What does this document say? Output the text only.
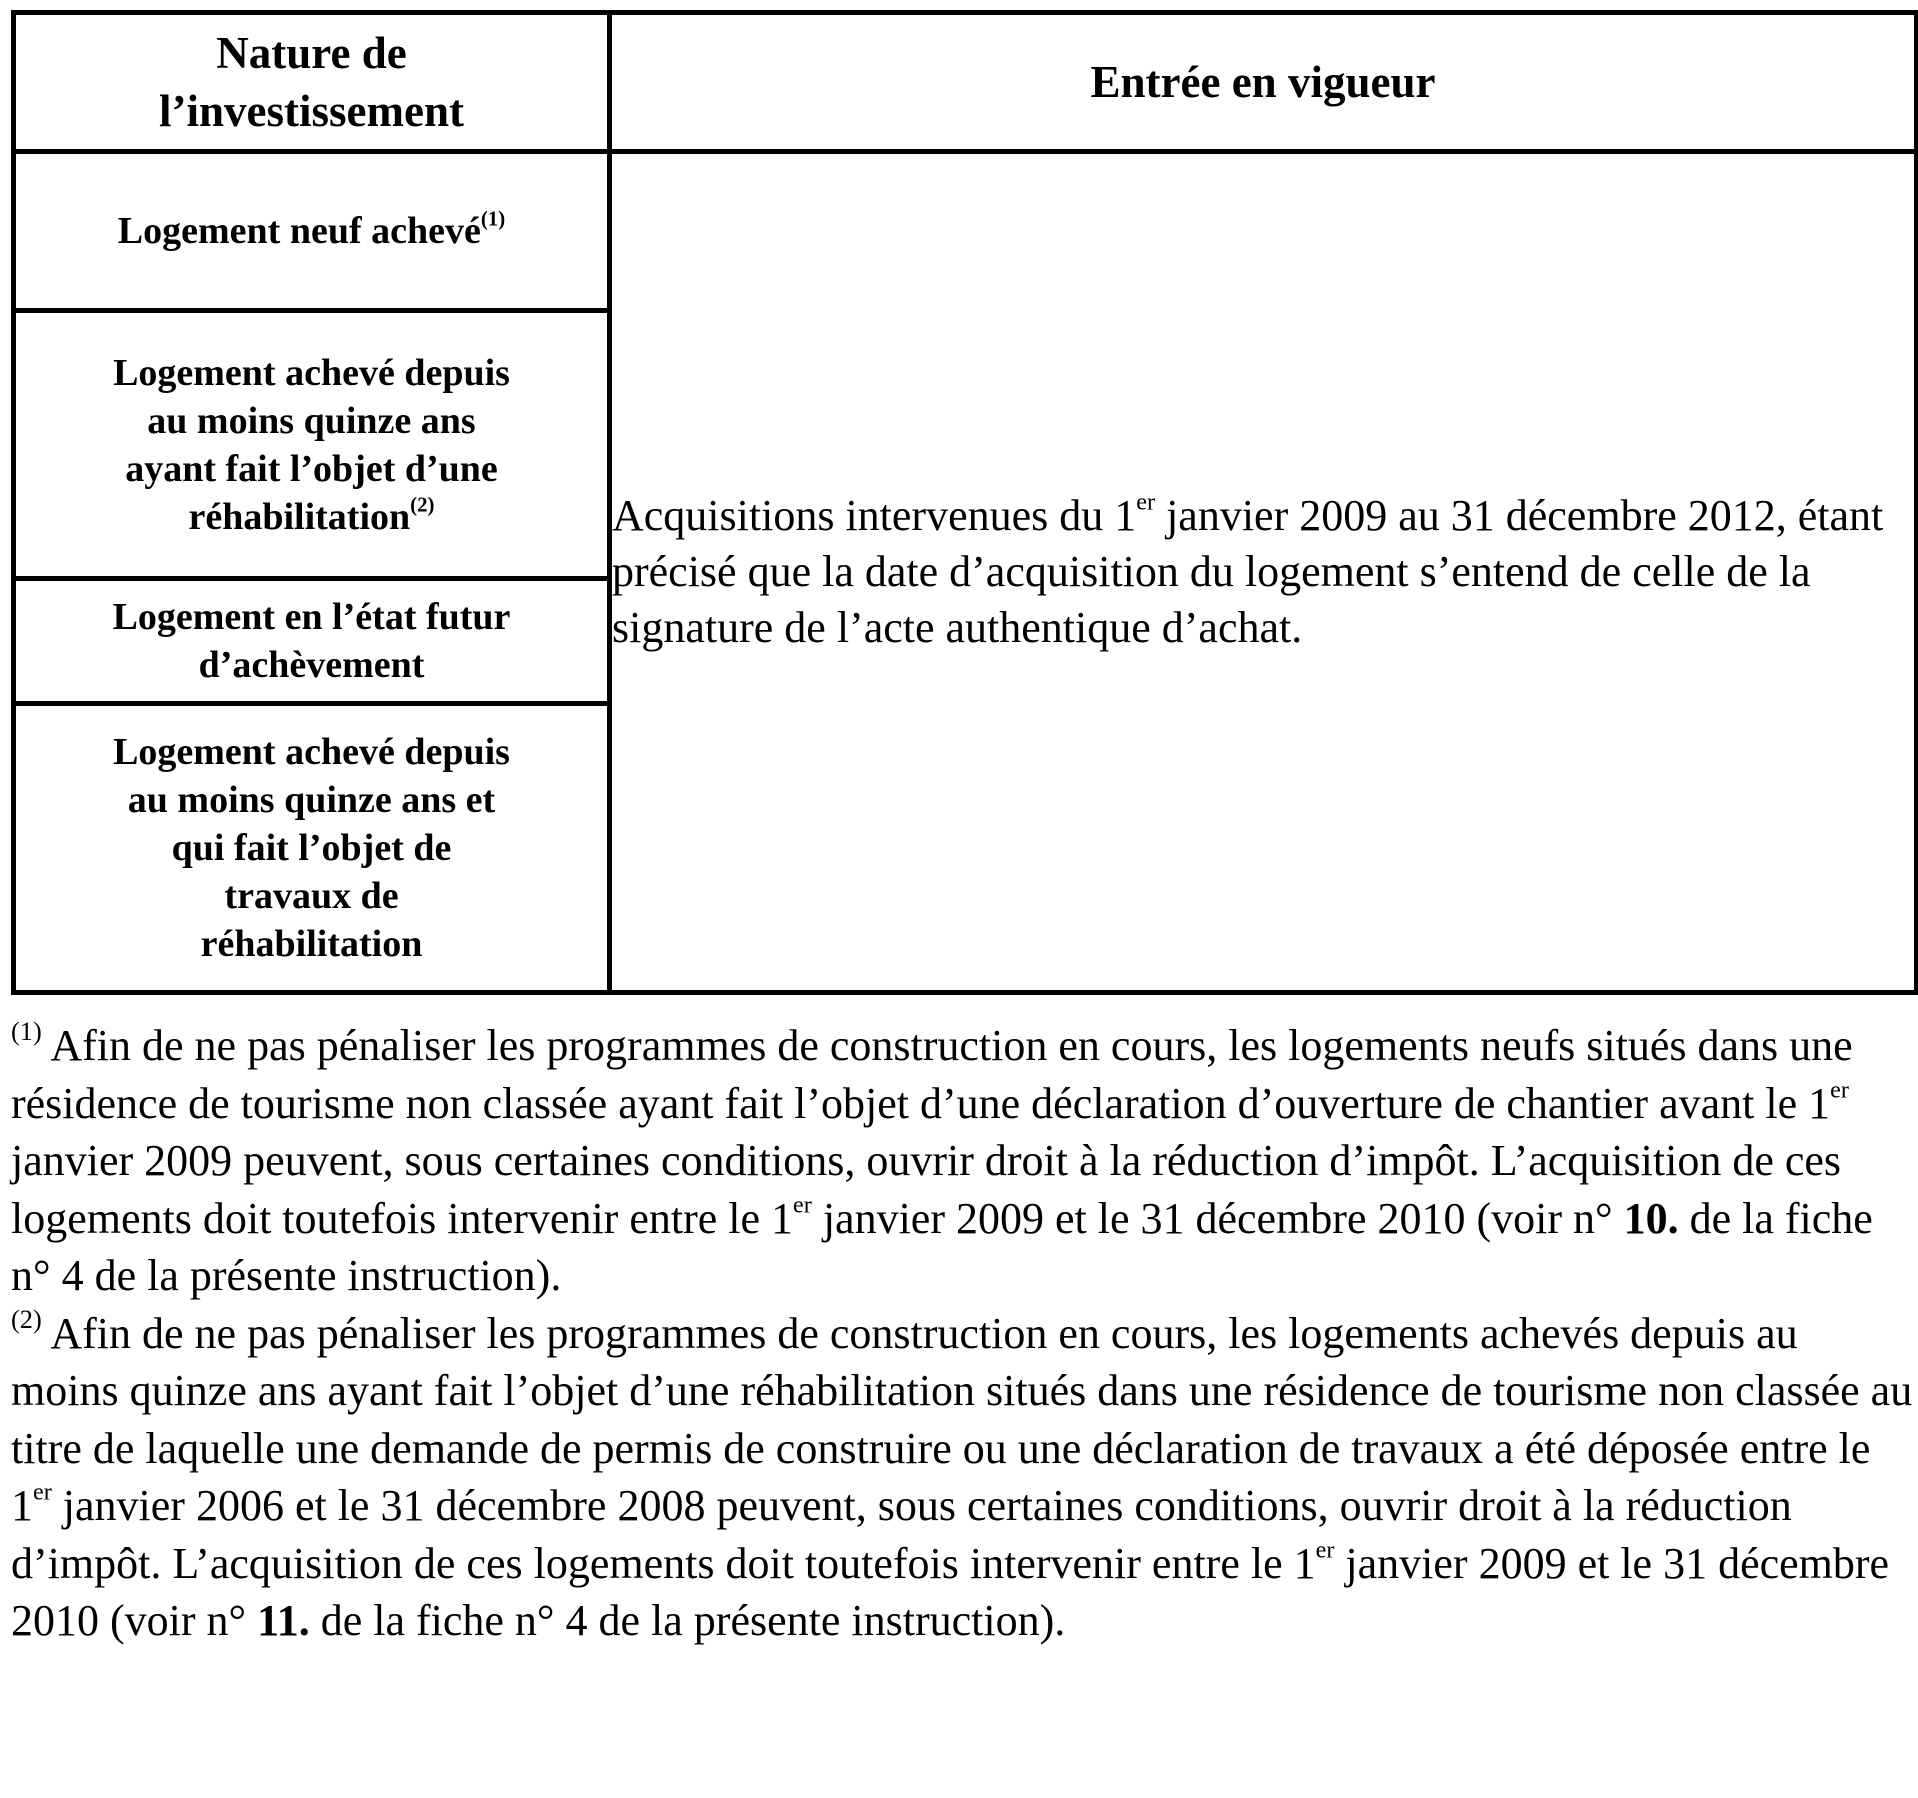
Nature de
l’investissement	Entrée en vigueur
Logement neuf achevé$^{(1)}$	Acquisitions intervenues du 1er janvier 2009 au 31 décembre 2012, étant précisé que la date d’acquisition du logement s’entend de celle de la signature de l’acte authentique d’achat.
Logement achevé depuis au moins quinze ans ayant fait l’objet d’une réhabilitation$^{(2)}$
Logement en l’état futur d’achèvement	
Logement achevé depuis au moins quinze ans et qui fait l’objet de travaux de réhabilitation	

$^{(1)}$ Afin de ne pas pénaliser les programmes de construction en cours, les logements neufs situés dans une résidence de tourisme non classée ayant fait l’objet d’une déclaration d’ouverture de chantier avant le 1er janvier 2009 peuvent, sous certaines conditions, ouvrir droit à la réduction d’impôt. L’acquisition de ces logements doit toutefois intervenir entre le 1er janvier 2009 et le 31 décembre 2010 (voir n° 10. de la fiche n° 4 de la présente instruction).

$^{(2)}$ Afin de ne pas pénaliser les programmes de construction en cours, les logements achevés depuis au moins quinze ans ayant fait l’objet d’une réhabilitation situés dans une résidence de tourisme non classée au titre de laquelle une demande de permis de construire ou une déclaration de travaux a été déposée entre le 1er janvier 2006 et le 31 décembre 2008 peuvent, sous certaines conditions, ouvrir droit à la réduction d’impôt. L’acquisition de ces logements doit toutefois intervenir entre le 1er janvier 2009 et le 31 décembre 2010 (voir n° 11. de la fiche n° 4 de la présente instruction).
